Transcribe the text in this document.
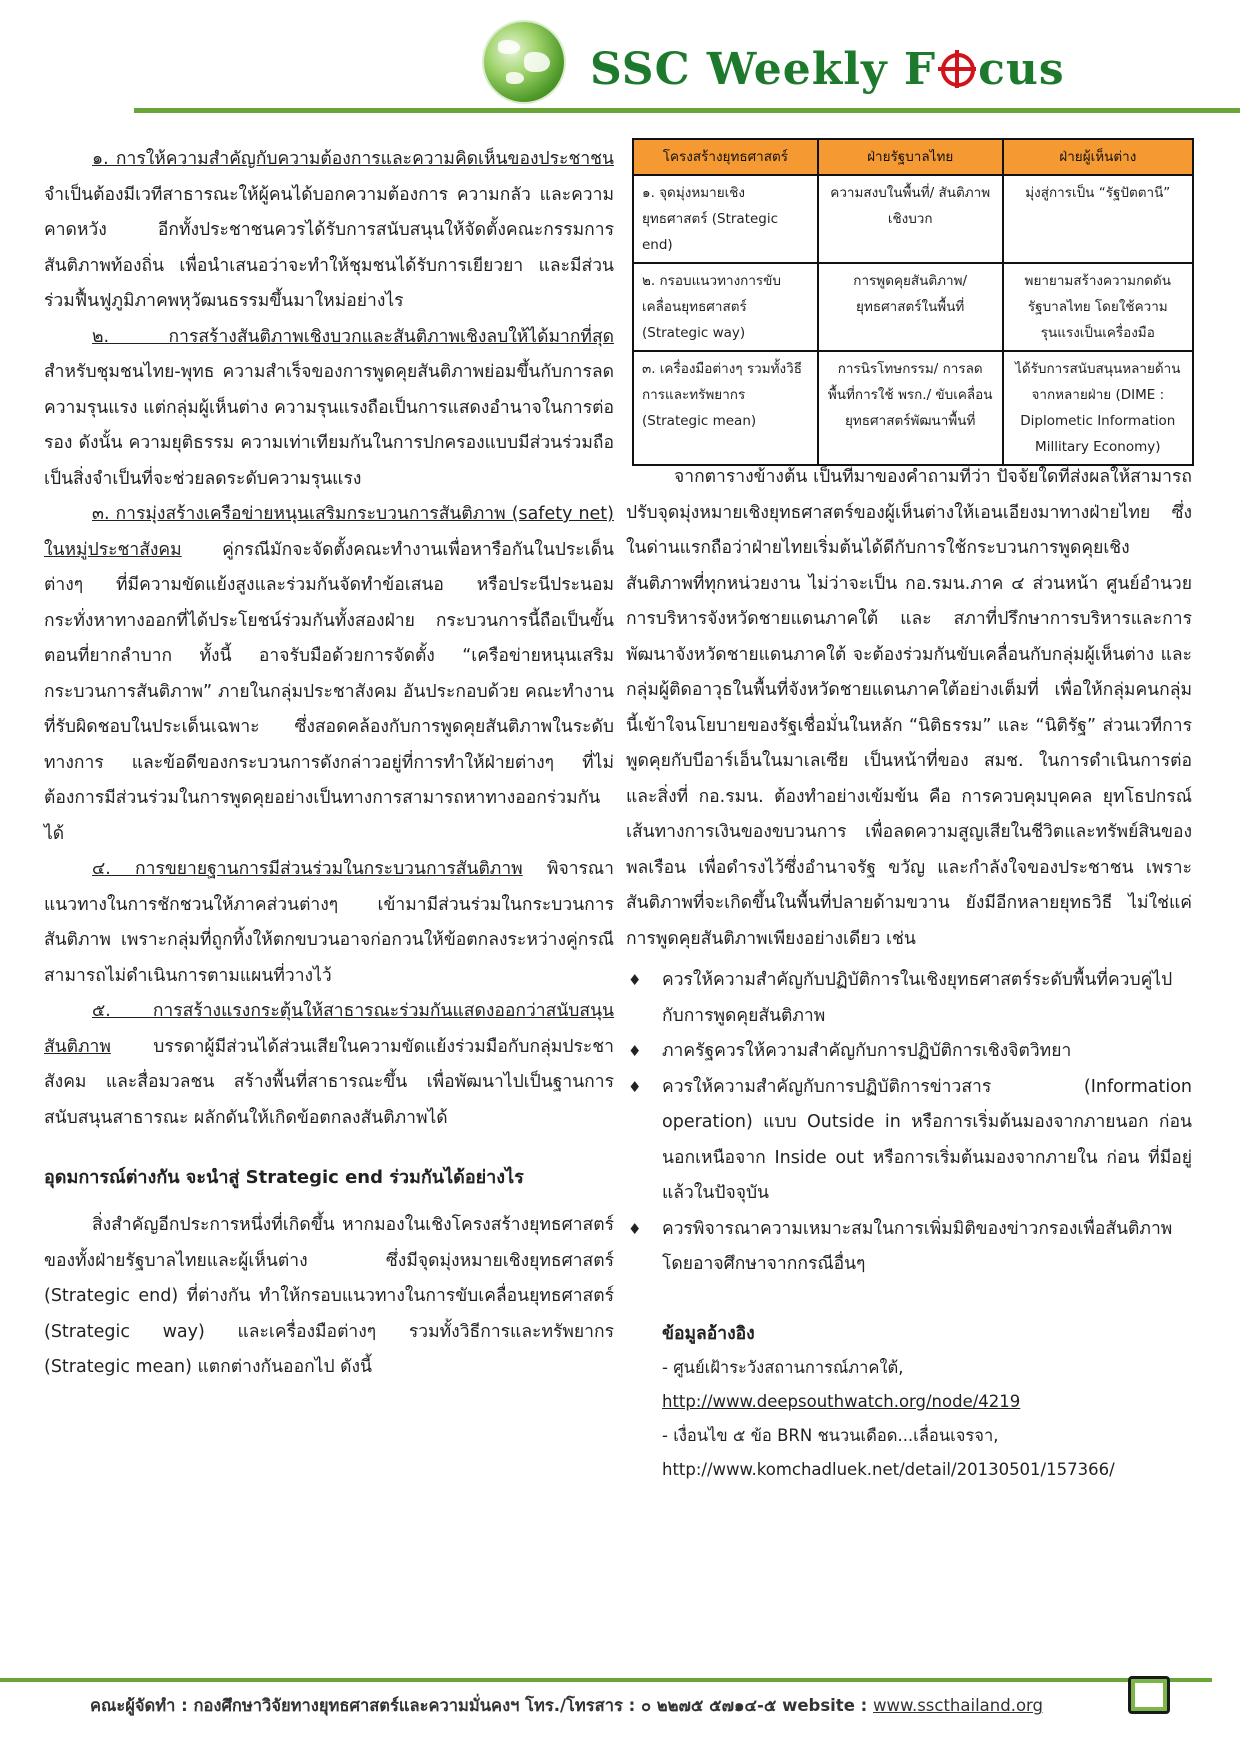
SSC Weekly F cus

๑. การให้ความสำคัญกับความต้องการและความคิดเห็นของประชาชน จำเป็นต้องมีเวทีสาธารณะให้ผู้คนได้บอกความต้องการ ความกลัว และความคาดหวัง อีกทั้งประชาชนควรได้รับการสนับสนุนให้จัดตั้งคณะกรรมการสันติภาพท้องถิ่น เพื่อนำเสนอว่าจะทำให้ชุมชนได้รับการเยียวยา และมีส่วนร่วมฟื้นฟูภูมิภาคพหุวัฒนธรรมขึ้นมาใหม่อย่างไร

๒. การสร้างสันติภาพเชิงบวกและสันติภาพเชิงลบให้ได้มากที่สุด สำหรับชุมชนไทย-พุทธ ความสำเร็จของการพูดคุยสันติภาพย่อมขึ้นกับการลดความรุนแรง แต่กลุ่มผู้เห็นต่าง ความรุนแรงถือเป็นการแสดงอำนาจในการต่อรอง ดังนั้น ความยุติธรรม ความเท่าเทียมกันในการปกครองแบบมีส่วนร่วมถือเป็นสิ่งจำเป็นที่จะช่วยลดระดับความรุนแรง

๓. การมุ่งสร้างเครือข่ายหนุนเสริมกระบวนการสันติภาพ (safety net) ในหมู่ประชาสังคม คู่กรณีมักจะจัดตั้งคณะทำงานเพื่อหารือกันในประเด็นต่างๆ ที่มีความขัดแย้งสูงและร่วมกันจัดทำข้อเสนอ หรือประนีประนอม กระทั่งหาทางออกที่ได้ประโยชน์ร่วมกันทั้งสองฝ่าย กระบวนการนี้ถือเป็นขั้นตอนที่ยากลำบาก ทั้งนี้ อาจรับมือด้วยการจัดตั้ง “เครือข่ายหนุนเสริมกระบวนการสันติภาพ” ภายในกลุ่มประชาสังคม อันประกอบด้วย คณะทำงานที่รับผิดชอบในประเด็นเฉพาะ ซึ่งสอดคล้องกับการพูดคุยสันติภาพในระดับทางการ และข้อดีของกระบวนการดังกล่าวอยู่ที่การทำให้ฝ่ายต่างๆ ที่ไม่ต้องการมีส่วนร่วมในการพูดคุยอย่างเป็นทางการสามารถหาทางออกร่วมกันได้

๔. การขยายฐานการมีส่วนร่วมในกระบวนการสันติภาพ พิจารณาแนวทางในการชักชวนให้ภาคส่วนต่างๆ เข้ามามีส่วนร่วมในกระบวนการสันติภาพ เพราะกลุ่มที่ถูกทิ้งให้ตกขบวนอาจก่อกวนให้ข้อตกลงระหว่างคู่กรณีสามารถไม่ดำเนินการตามแผนที่วางไว้

๕. การสร้างแรงกระตุ้นให้สาธารณะร่วมกันแสดงออกว่าสนับสนุนสันติภาพ บรรดาผู้มีส่วนได้ส่วนเสียในความขัดแย้งร่วมมือกับกลุ่มประชาสังคม และสื่อมวลชน สร้างพื้นที่สาธารณะขึ้น เพื่อพัฒนาไปเป็นฐานการสนับสนุนสาธารณะ ผลักดันให้เกิดข้อตกลงสันติภาพได้

อุดมการณ์ต่างกัน จะนำสู่ Strategic end ร่วมกันได้อย่างไร

สิ่งสำคัญอีกประการหนึ่งที่เกิดขึ้น หากมองในเชิงโครงสร้างยุทธศาสตร์ของทั้งฝ่ายรัฐบาลไทยและผู้เห็นต่าง ซึ่งมีจุดมุ่งหมายเชิงยุทธศาสตร์ (Strategic end) ที่ต่างกัน ทำให้กรอบแนวทางในการขับเคลื่อนยุทธศาสตร์ (Strategic way) และเครื่องมือต่างๆ รวมทั้งวิธีการและทรัพยากร (Strategic mean) แตกต่างกันออกไป ดังนี้

โครงสร้างยุทธศาสตร์	ฝ่ายรัฐบาลไทย	ฝ่ายผู้เห็นต่าง
๑. จุดมุ่งหมายเชิงยุทธศาสตร์ (Strategic end)	ความสงบในพื้นที่/ สันติภาพเชิงบวก	มุ่งสู่การเป็น “รัฐปัตตานี”
๒. กรอบแนวทางการขับเคลื่อนยุทธศาสตร์ (Strategic way)	การพูดคุยสันติภาพ/ ยุทธศาสตร์ในพื้นที่	พยายามสร้างความกดดันรัฐบาลไทย โดยใช้ความรุนแรงเป็นเครื่องมือ
๓. เครื่องมือต่างๆ รวมทั้งวิธีการและทรัพยากร (Strategic mean)	การนิรโทษกรรม/ การลดพื้นที่การใช้ พรก./ ขับเคลื่อนยุทธศาสตร์พัฒนาพื้นที่	ได้รับการสนับสนุนหลายด้าน จากหลายฝ่าย (DIME : Diplometic Information Millitary Economy)

จากตารางข้างต้น เป็นที่มาของคำถามที่ว่า ปัจจัยใดที่ส่งผลให้สามารถปรับจุดมุ่งหมายเชิงยุทธศาสตร์ของผู้เห็นต่างให้เอนเอียงมาทางฝ่ายไทย ซึ่งในด่านแรกถือว่าฝ่ายไทยเริ่มต้นได้ดีกับการใช้กระบวนการพูดคุยเชิงสันติภาพที่ทุกหน่วยงาน ไม่ว่าจะเป็น กอ.รมน.ภาค ๔ ส่วนหน้า ศูนย์อำนวยการบริหารจังหวัดชายแดนภาคใต้ และ สภาที่ปรึกษาการบริหารและการพัฒนาจังหวัดชายแดนภาคใต้ จะต้องร่วมกันขับเคลื่อนกับกลุ่มผู้เห็นต่าง และกลุ่มผู้ติดอาวุธในพื้นที่จังหวัดชายแดนภาคใต้อย่างเต็มที่ เพื่อให้กลุ่มคนกลุ่มนี้เข้าใจนโยบายของรัฐเชื่อมั่นในหลัก “นิติธรรม” และ “นิติรัฐ” ส่วนเวทีการพูดคุยกับบีอาร์เอ็นในมาเลเซีย เป็นหน้าที่ของ สมช. ในการดำเนินการต่อ และสิ่งที่ กอ.รมน. ต้องทำอย่างเข้มข้น คือ การควบคุมบุคคล ยุทโธปกรณ์ เส้นทางการเงินของขบวนการ เพื่อลดความสูญเสียในชีวิตและทรัพย์สินของพลเรือน เพื่อดำรงไว้ซึ่งอำนาจรัฐ ขวัญ และกำลังใจของประชาชน เพราะสันติภาพที่จะเกิดขึ้นในพื้นที่ปลายด้ามขวาน ยังมีอีกหลายยุทธวิธี ไม่ใช่แค่การพูดคุยสันติภาพเพียงอย่างเดียว เช่น

♦ ควรให้ความสำคัญกับปฏิบัติการในเชิงยุทธศาสตร์ระดับพื้นที่ควบคู่ไปกับการพูดคุยสันติภาพ
♦ ภาครัฐควรให้ความสำคัญกับการปฏิบัติการเชิงจิตวิทยา
♦ ควรให้ความสำคัญกับการปฏิบัติการข่าวสาร (Information operation) แบบ Outside in หรือการเริ่มต้นมองจากภายนอก ก่อน นอกเหนือจาก Inside out หรือการเริ่มต้นมองจากภายใน ก่อน ที่มีอยู่แล้วในปัจจุบัน
♦ ควรพิจารณาความเหมาะสมในการเพิ่มมิติของข่าวกรองเพื่อสันติภาพ โดยอาจศึกษาจากกรณีอื่นๆ
ข้อมูลอ้างอิง
- ศูนย์เฝ้าระวังสถานการณ์ภาคใต้,
http://www.deepsouthwatch.org/node/4219
- เงื่อนไข ๕ ข้อ BRN ชนวนเดือด...เลื่อนเจรจา,
http://www.komchadluek.net/detail/20130501/157366/
คณะผู้จัดทำ : กองศึกษาวิจัยทางยุทธศาสตร์และความมั่นคงฯ โทร./โทรสาร : ๐ ๒๒๗๕ ๕๗๑๔-๕ website : www.sscthailand.org
